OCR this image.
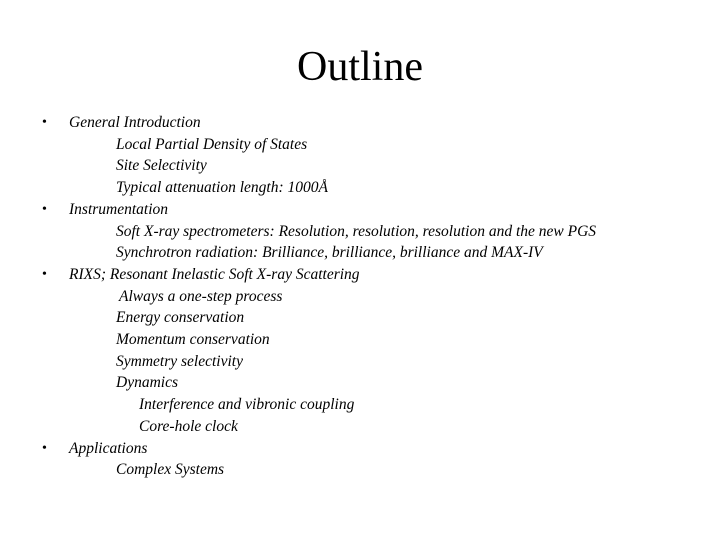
Outline
• General Introduction
Local Partial Density of States
Site Selectivity
Typical attenuation length: 1000Å
• Instrumentation
Soft X-ray spectrometers: Resolution, resolution, resolution and the new PGS
Synchrotron radiation: Brilliance, brilliance, brilliance and MAX-IV
• RIXS; Resonant Inelastic Soft X-ray Scattering
Always a one-step process
Energy conservation
Momentum conservation
Symmetry selectivity
Dynamics
Interference and vibronic coupling
Core-hole clock
• Applications
Complex Systems
